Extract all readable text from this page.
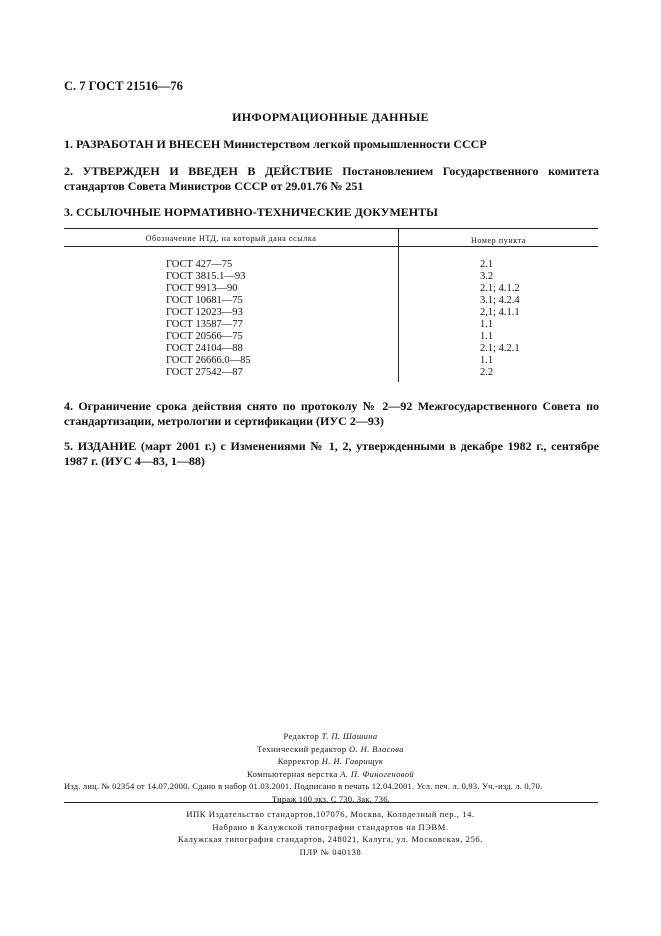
С. 7 ГОСТ 21516—76
ИНФОРМАЦИОННЫЕ ДАННЫЕ
1. РАЗРАБОТАН И ВНЕСЕН Министерством легкой промышленности СССР
2. УТВЕРЖДЕН И ВВЕДЕН В ДЕЙСТВИЕ Постановлением Государственного комитета стандартов Совета Министров СССР от 29.01.76 № 251
3. ССЫЛОЧНЫЕ НОРМАТИВНО-ТЕХНИЧЕСКИЕ ДОКУМЕНТЫ
Обозначение НТД, на который дана ссылка	Номер пункта
ГОСТ 427—75
ГОСТ 3815.1—93
ГОСТ 9913—90
ГОСТ 10681—75
ГОСТ 12023—93
ГОСТ 13587—77
ГОСТ 20566—75
ГОСТ 24104—88
ГОСТ 26666.0—85
ГОСТ 27542—87
2.1
3.2
2.1; 4.1.2
3.1; 4.2.4
2,1; 4.1.1
1.1
1.1
2.1; 4.2.1
1.1
2.2
4. Ограничение срока действия снято по протоколу № 2—92 Межгосударственного Совета по стандартизации, метрологии и сертификации (ИУС 2—93)
5. ИЗДАНИЕ (март 2001 г.) с Изменениями № 1, 2, утвержденными в декабре 1982 г., сентябре 1987 г. (ИУС 4—83, 1—88)
Редактор Т. П. Шашина
Технический редактор О. Н. Власова
Корректор Н. И. Гаврищук
Компьютерная верстка А. П. Финогеновой
Изд. лиц. № 02354 от 14.07.2000. Сдано в набор 01.03.2001. Подписано в печать 12.04.2001. Усл. печ. л. 0,93. Уч.-изд. л. 0,70.
Тираж 100 экз. С 730. Зак. 736.
ИПК Издательство стандартов,107076, Москва, Колодезный пер., 14.
Набрано в Калужской типографии стандартов на ПЭВМ.
Калужская типография стандартов, 248021, Калуга, ул. Московская, 256.
ПЛР № 040138
